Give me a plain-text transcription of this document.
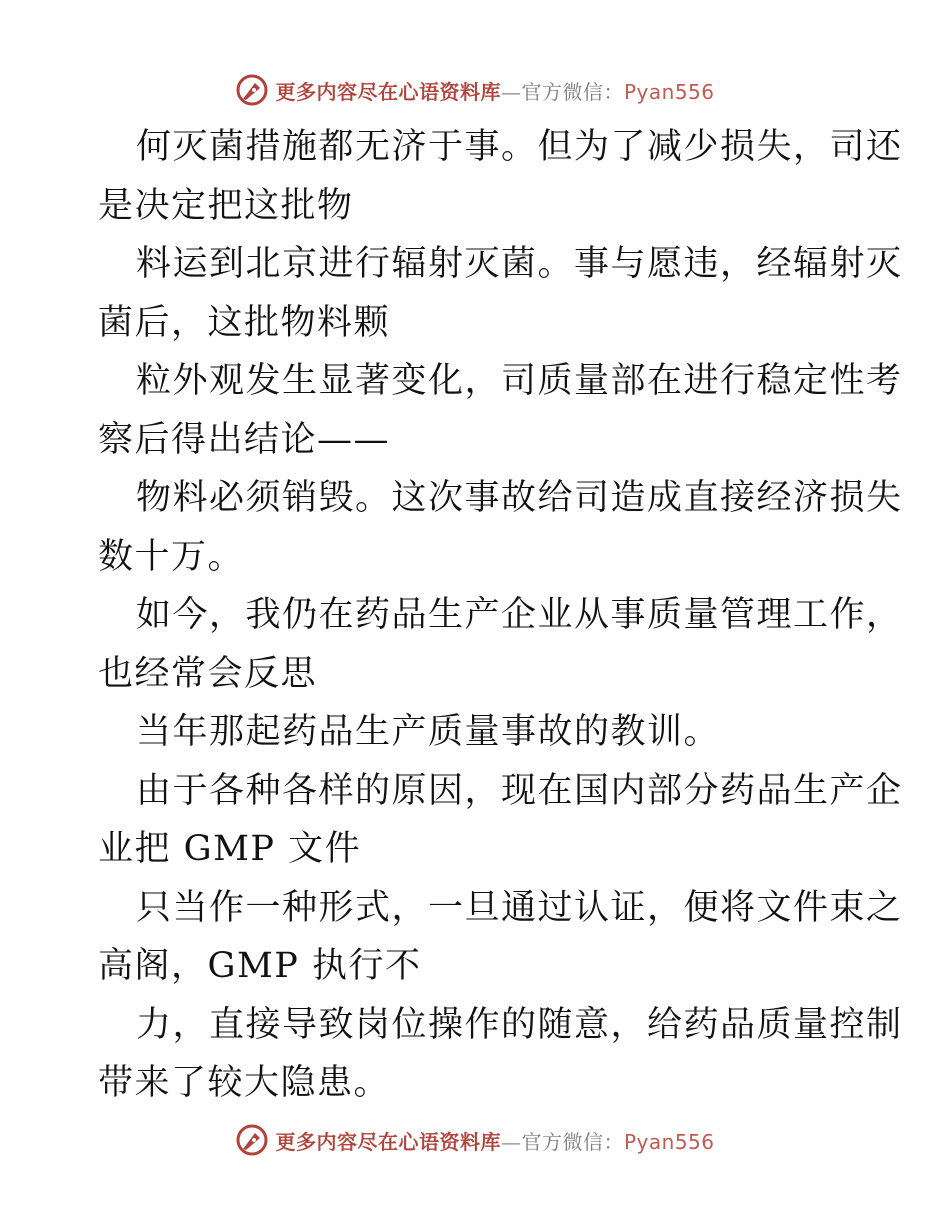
更多内容尽在心语资料库—官方微信：Pyan556
何灭菌措施都无济于事。但为了减少损失，司还
是决定把这批物
料运到北京进行辐射灭菌。事与愿违，经辐射灭
菌后，这批物料颗
粒外观发生显著变化，司质量部在进行稳定性考
察后得出结论——
物料必须销毁。这次事故给司造成直接经济损失
数十万。
如今，我仍在药品生产企业从事质量管理工作，
也经常会反思
当年那起药品生产质量事故的教训。
由于各种各样的原因，现在国内部分药品生产企
业把 GMP 文件
只当作一种形式，一旦通过认证，便将文件束之
高阁，GMP 执行不
力，直接导致岗位操作的随意，给药品质量控制
带来了较大隐患。
更多内容尽在心语资料库—官方微信：Pyan556
